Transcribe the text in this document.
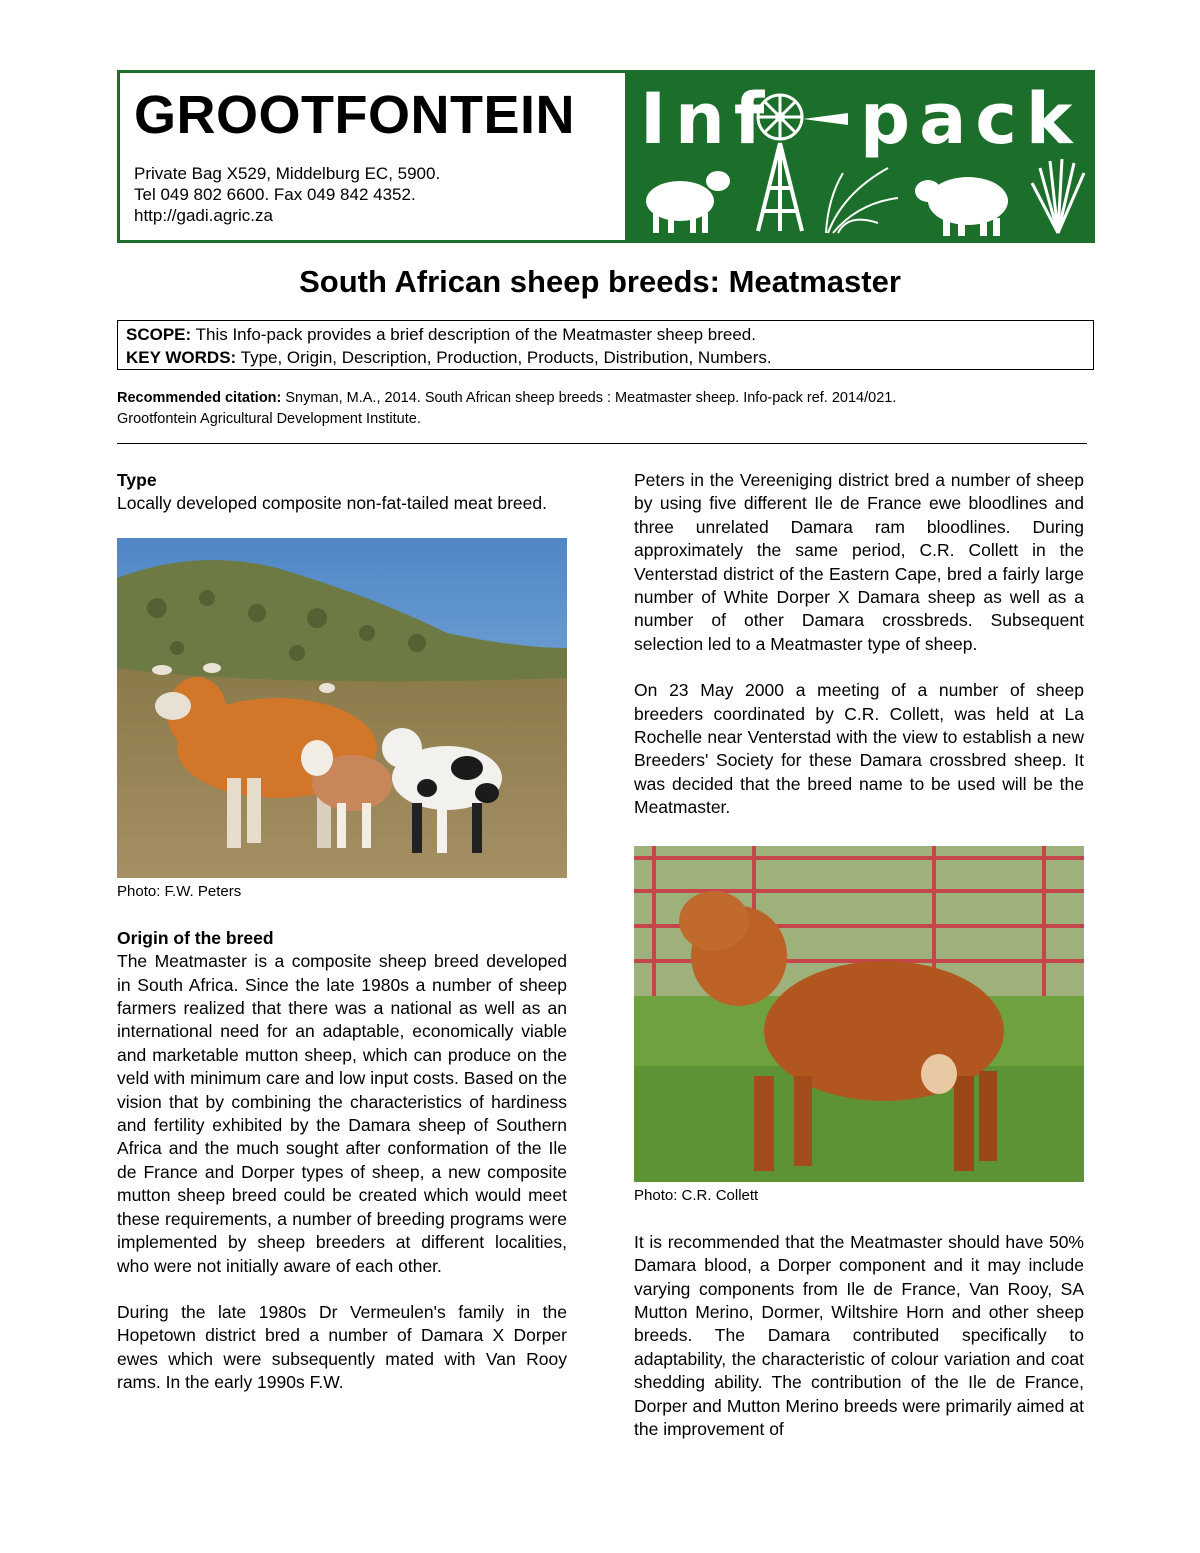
GROOTFONTEIN
Private Bag X529, Middelburg EC, 5900.
Tel 049 802 6600. Fax 049 842 4352.
http://gadi.agric.za
Inf pack
South African sheep breeds: Meatmaster
SCOPE: This Info-pack provides a brief description of the Meatmaster sheep breed.
KEY WORDS: Type, Origin, Description, Production, Products, Distribution, Numbers.
Recommended citation: Snyman, M.A., 2014. South African sheep breeds : Meatmaster sheep. Info-pack ref. 2014/021.
Grootfontein Agricultural Development Institute.
Type

Locally developed composite non-fat-tailed meat breed.

Photo: F.W. Peters
Origin of the breed

The Meatmaster is a composite sheep breed developed in South Africa. Since the late 1980s a number of sheep farmers realized that there was a national as well as an international need for an adaptable, economically viable and marketable mutton sheep, which can produce on the veld with minimum care and low input costs. Based on the vision that by combining the characteristics of hardiness and fertility exhibited by the Damara sheep of Southern Africa and the much sought after conformation of the Ile de France and Dorper types of sheep, a new composite mutton sheep breed could be created which would meet these requirements, a number of breeding programs were implemented by sheep breeders at different localities, who were not initially aware of each other.

During the late 1980s Dr Vermeulen's family in the Hopetown district bred a number of Damara X Dorper ewes which were subsequently mated with Van Rooy rams. In the early 1990s F.W.

Peters in the Vereeniging district bred a number of sheep by using five different Ile de France ewe bloodlines and three unrelated Damara ram bloodlines. During approximately the same period, C.R. Collett in the Venterstad district of the Eastern Cape, bred a fairly large number of White Dorper X Damara sheep as well as a number of other Damara crossbreds. Subsequent selection led to a Meatmaster type of sheep.

On 23 May 2000 a meeting of a number of sheep breeders coordinated by C.R. Collett, was held at La Rochelle near Venterstad with the view to establish a new Breeders' Society for these Damara crossbred sheep. It was decided that the breed name to be used will be the Meatmaster.

Photo: C.R. Collett

It is recommended that the Meatmaster should have 50% Damara blood, a Dorper component and it may include varying components from Ile de France, Van Rooy, SA Mutton Merino, Dormer, Wiltshire Horn and other sheep breeds. The Damara contributed specifically to adaptability, the characteristic of colour variation and coat shedding ability. The contribution of the Ile de France, Dorper and Mutton Merino breeds were primarily aimed at the improvement of
